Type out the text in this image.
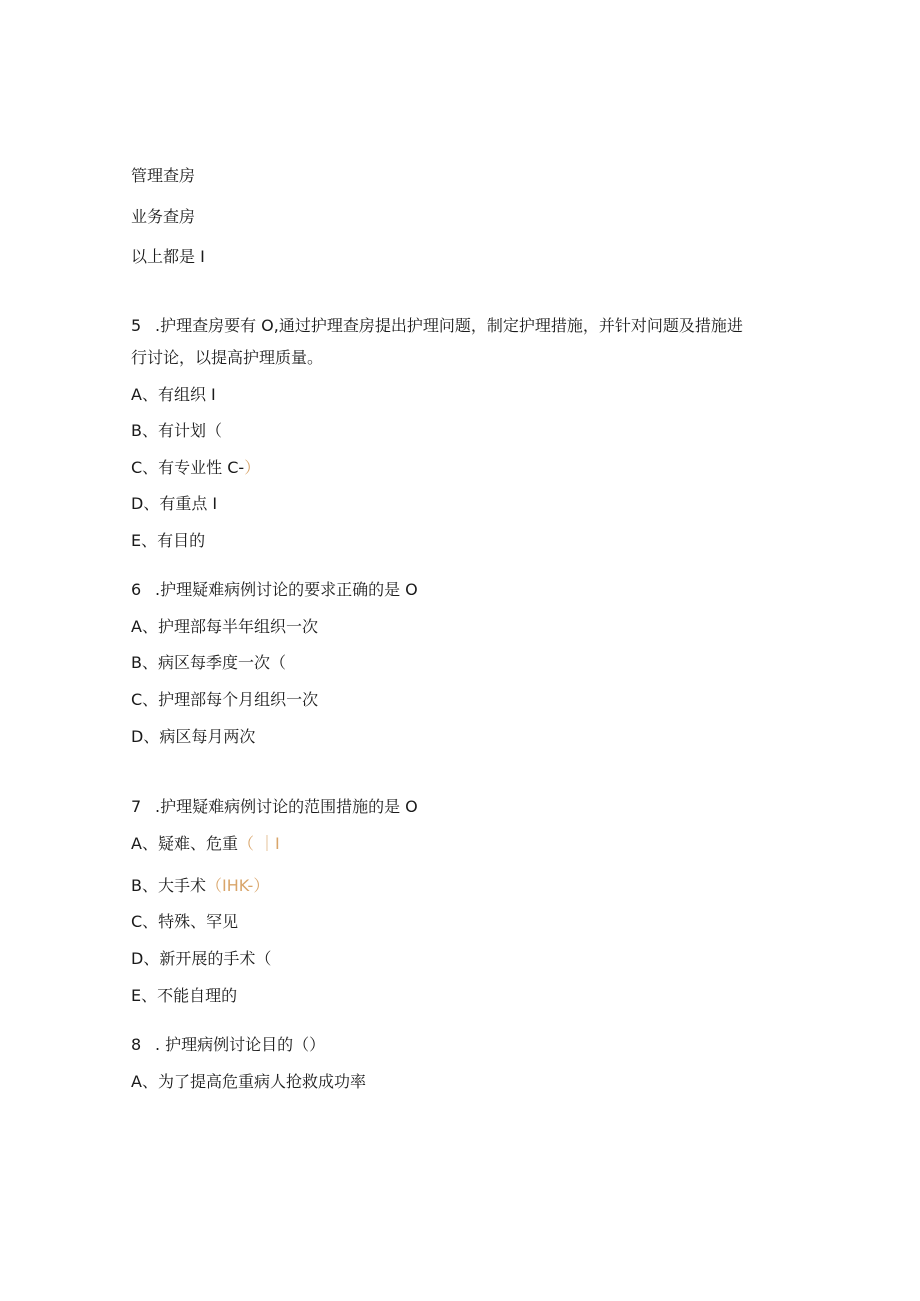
管理查房
业务查房
以上都是 I
5 .护理查房要有 O,通过护理查房提出护理问题，制定护理措施，并针对问题及措施进
行讨论，以提高护理质量。
A、有组织 I
B、有计划（
C、有专业性 C-）
D、有重点 I
E、有目的
6 .护理疑难病例讨论的要求正确的是 O
A、护理部每半年组织一次
B、病区每季度一次（
C、护理部每个月组织一次
D、病区每月两次
7 .护理疑难病例讨论的范围措施的是 O
A、疑难、危重（ ｜I
B、大手术（IHK-）
C、特殊、罕见
D、新开展的手术（
E、不能自理的
8 . 护理病例讨论目的（）
A、为了提高危重病人抢救成功率
